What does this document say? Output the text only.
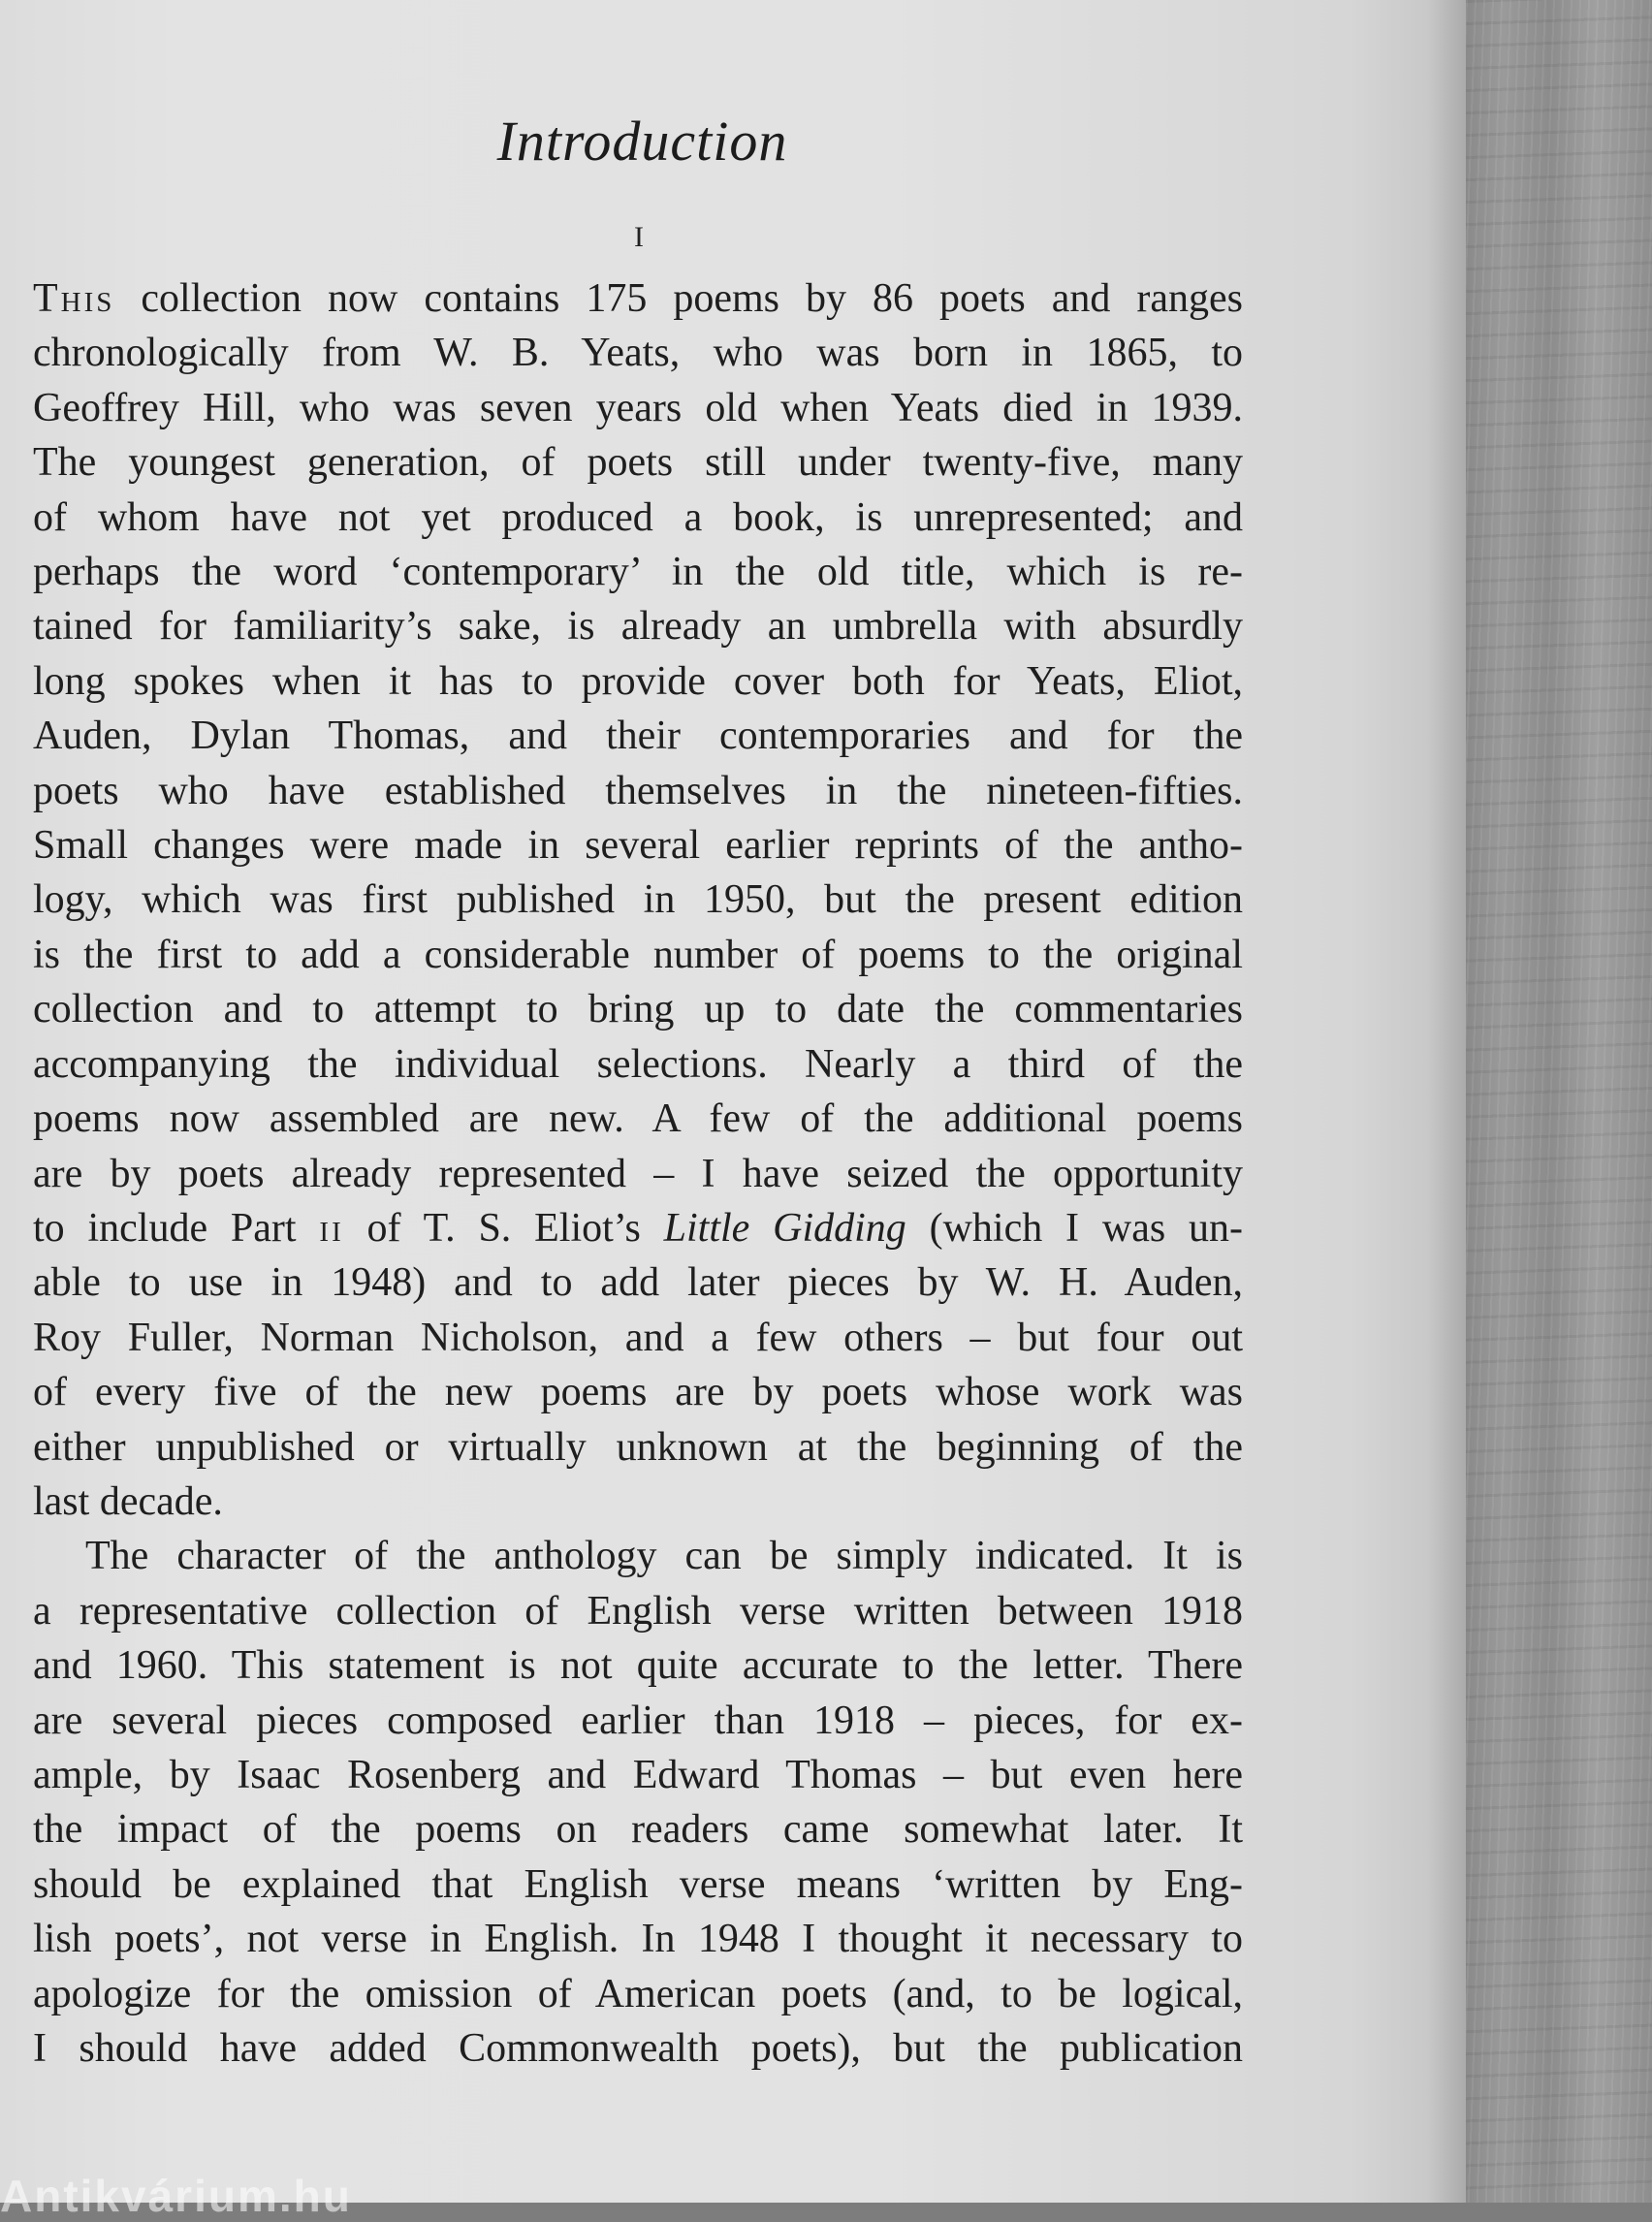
Introduction
I
This collection now contains 175 poems by 86 poets and ranges
chronologically from W. B. Yeats, who was born in 1865, to
Geoffrey Hill, who was seven years old when Yeats died in 1939.
The youngest generation, of poets still under twenty-five, many
of whom have not yet produced a book, is unrepresented; and
perhaps the word ‘contemporary’ in the old title, which is re-
tained for familiarity’s sake, is already an umbrella with absurdly
long spokes when it has to provide cover both for Yeats, Eliot,
Auden, Dylan Thomas, and their contemporaries and for the
poets who have established themselves in the nineteen-fifties.
Small changes were made in several earlier reprints of the antho-
logy, which was first published in 1950, but the present edition
is the first to add a considerable number of poems to the original
collection and to attempt to bring up to date the commentaries
accompanying the individual selections. Nearly a third of the
poems now assembled are new. A few of the additional poems
are by poets already represented – I have seized the opportunity
to include Part ii of T. S. Eliot’s Little Gidding (which I was un-
able to use in 1948) and to add later pieces by W. H. Auden,
Roy Fuller, Norman Nicholson, and a few others – but four out
of every five of the new poems are by poets whose work was
either unpublished or virtually unknown at the beginning of the
last decade.
The character of the anthology can be simply indicated. It is
a representative collection of English verse written between 1918
and 1960. This statement is not quite accurate to the letter. There
are several pieces composed earlier than 1918 – pieces, for ex-
ample, by Isaac Rosenberg and Edward Thomas – but even here
the impact of the poems on readers came somewhat later. It
should be explained that English verse means ‘written by Eng-
lish poets’, not verse in English. In 1948 I thought it necessary to
apologize for the omission of American poets (and, to be logical,
I should have added Commonwealth poets), but the publication
Antikvárium.hu
